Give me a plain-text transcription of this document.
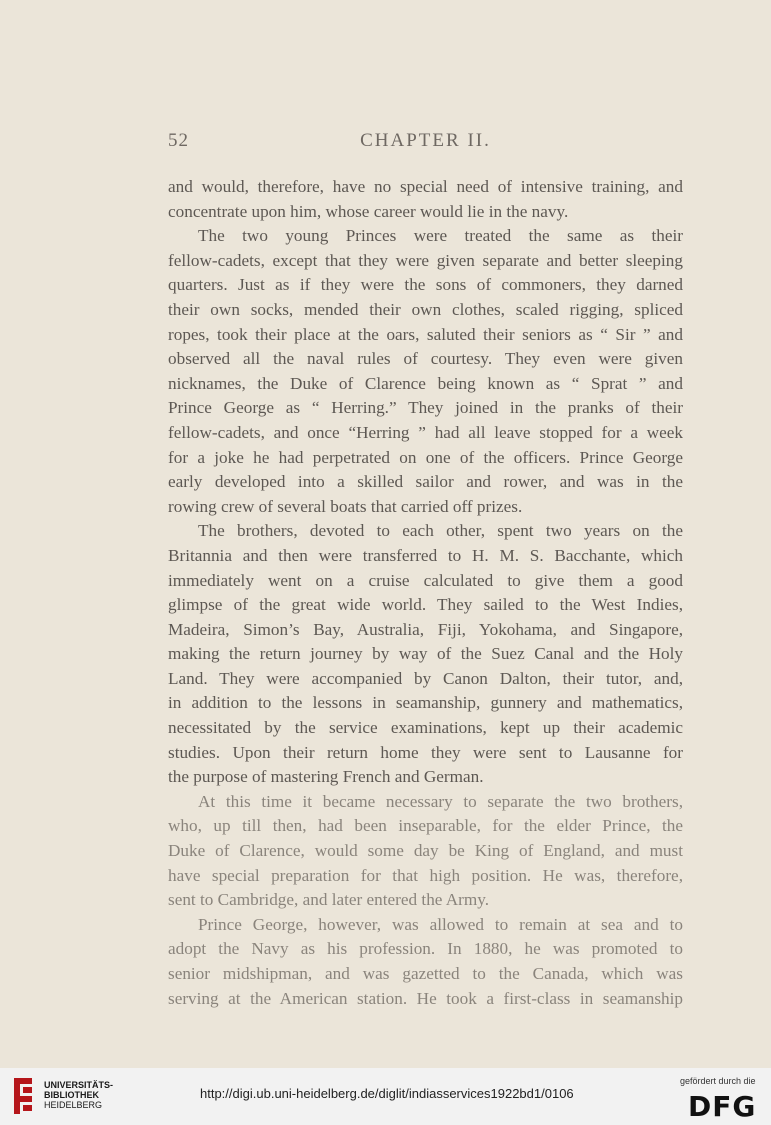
52	CHAPTER II.
and would, therefore, have no special need of intensive training, and
concentrate upon him, whose career would lie in the navy.
The two young Princes were treated the same as their
fellow-cadets, except that they were given separate and better sleeping
quarters. Just as if they were the sons of commoners, they darned
their own socks, mended their own clothes, scaled rigging, spliced
ropes, took their place at the oars, saluted their seniors as “ Sir ” and
observed all the naval rules of courtesy. They even were given
nicknames, the Duke of Clarence being known as “ Sprat ” and
Prince George as “ Herring.” They joined in the pranks of their
fellow-cadets, and once “Herring ” had all leave stopped for a week
for a joke he had perpetrated on one of the officers. Prince George
early developed into a skilled sailor and rower, and was in the
rowing crew of several boats that carried off prizes.
The brothers, devoted to each other, spent two years on the
Britannia and then were transferred to H. M. S. Bacchante, which
immediately went on a cruise calculated to give them a good
glimpse of the great wide world. They sailed to the West Indies,
Madeira, Simon’s Bay, Australia, Fiji, Yokohama, and Singapore,
making the return journey by way of the Suez Canal and the Holy
Land. They were accompanied by Canon Dalton, their tutor, and,
in addition to the lessons in seamanship, gunnery and mathematics,
necessitated by the service examinations, kept up their academic
studies. Upon their return home they were sent to Lausanne for
the purpose of mastering French and German.
At this time it became necessary to separate the two brothers,
who, up till then, had been inseparable, for the elder Prince, the
Duke of Clarence, would some day be King of England, and must
have special preparation for that high position. He was, therefore,
sent to Cambridge, and later entered the Army.
Prince George, however, was allowed to remain at sea and to
adopt the Navy as his profession. In 1880, he was promoted to
senior midshipman, and was gazetted to the Canada, which was
serving at the American station. He took a first-class in seamanship
UNIVERSITÄTS-
BIBLIOTHEK
HEIDELBERG
http://digi.ub.uni-heidelberg.de/diglit/indiasservices1922bd1/0106
gefördert durch die
DFG
